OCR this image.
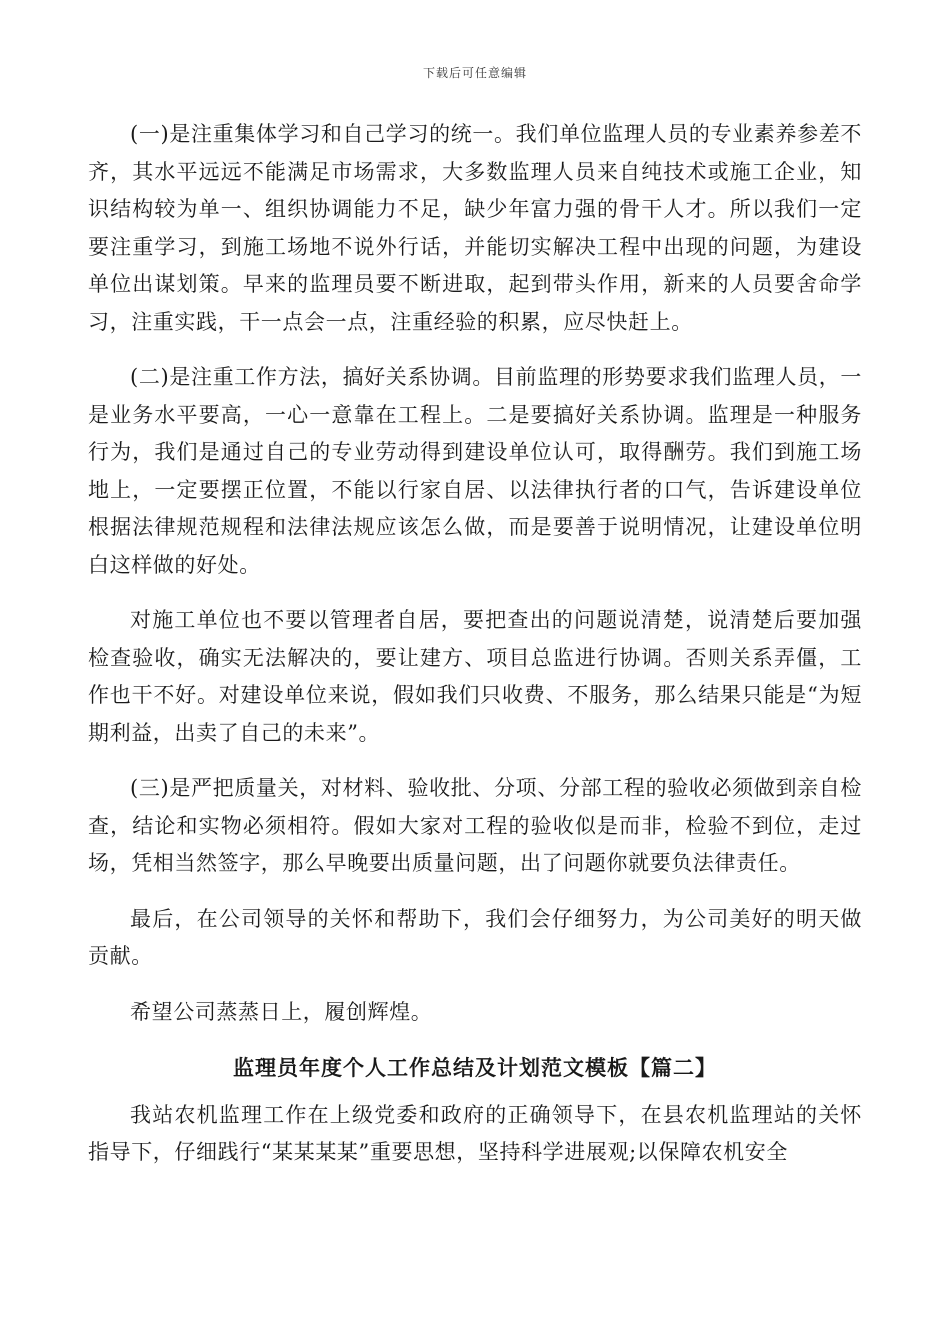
下载后可任意编辑

(一)是注重集体学习和自己学习的统一。我们单位监理人员的专业素养参差不齐，其水平远远不能满足市场需求，大多数监理人员来自纯技术或施工企业，知识结构较为单一、组织协调能力不足，缺少年富力强的骨干人才。所以我们一定要注重学习，到施工场地不说外行话，并能切实解决工程中出现的问题，为建设单位出谋划策。早来的监理员要不断进取，起到带头作用，新来的人员要舍命学习，注重实践，干一点会一点，注重经验的积累，应尽快赶上。

(二)是注重工作方法，搞好关系协调。目前监理的形势要求我们监理人员，一是业务水平要高，一心一意靠在工程上。二是要搞好关系协调。监理是一种服务行为，我们是通过自己的专业劳动得到建设单位认可，取得酬劳。我们到施工场地上，一定要摆正位置，不能以行家自居、以法律执行者的口气，告诉建设单位根据法律规范规程和法律法规应该怎么做，而是要善于说明情况，让建设单位明白这样做的好处。

对施工单位也不要以管理者自居，要把查出的问题说清楚，说清楚后要加强检查验收，确实无法解决的，要让建方、项目总监进行协调。否则关系弄僵，工作也干不好。对建设单位来说，假如我们只收费、不服务，那么结果只能是“为短期利益，出卖了自己的未来”。

(三)是严把质量关，对材料、验收批、分项、分部工程的验收必须做到亲自检查，结论和实物必须相符。假如大家对工程的验收似是而非，检验不到位，走过场，凭相当然签字，那么早晚要出质量问题，出了问题你就要负法律责任。

最后，在公司领导的关怀和帮助下，我们会仔细努力，为公司美好的明天做贡献。

希望公司蒸蒸日上，履创辉煌。

监理员年度个人工作总结及计划范文模板【篇二】

我站农机监理工作在上级党委和政府的正确领导下，在县农机监理站的关怀指导下，仔细践行“某某某某”重要思想，坚持科学进展观;以保障农机安全
